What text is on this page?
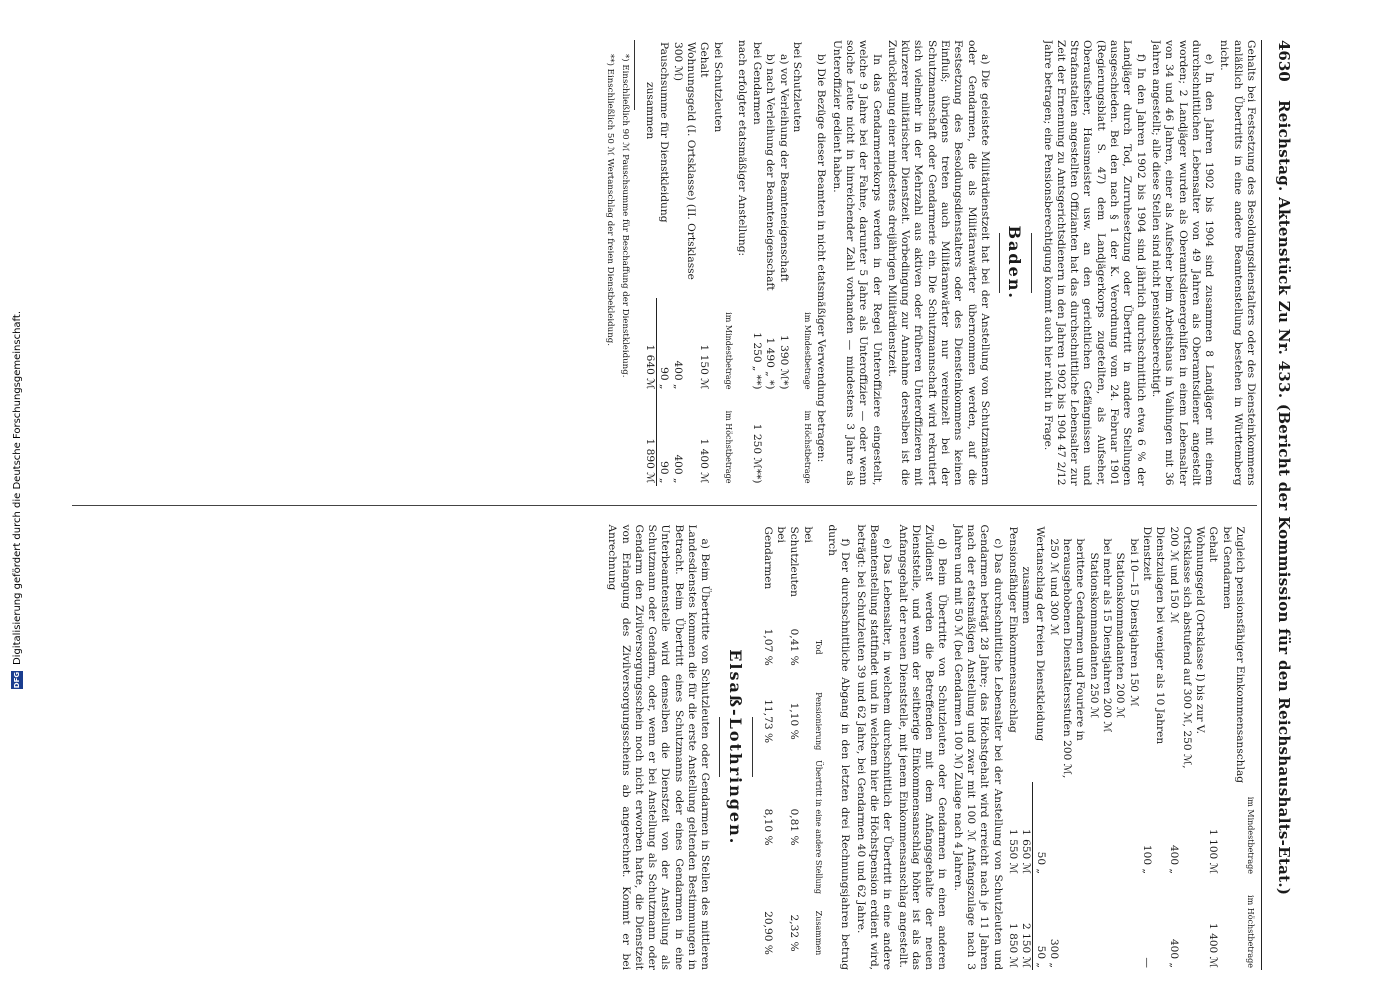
4630
Reichstag. Aktenstück Zu Nr. 433. (Bericht der Kommission für den Reichshaushalts-Etat.)

Gehalts bei Festsetzung des Besoldungsdienstalters oder des Diensteinkommens anläßlich Übertritts in eine andere Beamtenstellung bestehen in Württemberg nicht.

e) In den Jahren 1902 bis 1904 sind zusammen 8 Landjäger mit einem durchschnittlichen Lebensalter von 49 Jahren als Oberamtsdiener angestellt worden; 2 Landjäger wurden als Oberamtsdienergehilfen in einem Lebensalter von 34 und 46 Jahren, einer als Aufseher beim Arbeitshaus in Vaihingen mit 36 Jahren angestellt; alle diese Stellen sind nicht pensionsberechtigt.

f) In den Jahren 1902 bis 1904 sind jährlich durchschnittlich etwa 6 % der Landjäger durch Tod, Zurruhesetzung oder Übertritt in andere Stellungen ausgeschieden. Bei den nach § 1 der K. Verordnung vom 24. Februar 1901 (Regierungsblatt S. 47) dem Landjägerkorps zugeteilten, als Aufseher, Oberaufseher, Hausmeister usw. an den gerichtlichen Gefängnissen und Strafanstalten angestellten Offizianten hat das durchschnittliche Lebensalter zur Zeit der Ernennung zu Amtsgerichtsdienern in den Jahren 1902 bis 1904 47 2/12 Jahre betragen; eine Pensionsberechtigung kommt auch hier nicht in Frage.

Baden.

a) Die geleistete Militärdienstzeit hat bei der Anstellung von Schutzmännern oder Gendarmen, die als Militäranwärter übernommen werden, auf die Festsetzung des Besoldungsdienstalters oder des Diensteinkommens keinen Einfluß; übrigens treten auch Militäranwärter nur vereinzelt bei der Schutzmannschaft oder Gendarmerie ein. Die Schutzmannschaft wird rekrutiert sich vielmehr in der Mehrzahl aus aktiven oder früheren Unteroffizieren mit kürzerer militärischer Dienstzeit. Vorbedingung zur Annahme derselben ist die Zurücklegung einer mindestens dreijährigen Militärdienstzeit.

In das Gendarmeriekorps werden in der Regel Unteroffiziere eingestellt, welche 9 Jahre bei der Fahne, darunter 5 Jahre als Unteroffizier — oder wenn solche Leute nicht in hinreichender Zahl vorhanden — mindestens 3 Jahre als Unteroffizier gedient haben.

b) Die Bezüge dieser Beamten in nicht etatsmäßiger Verwendung betragen:

	im Mindestbetrage	im Höchstbetrage
bei Schutzleuten		
a) vor Verleihung der Beamteneigenschaft	1 390 ℳ*)	
b) nach Verleihung der Beamteneigenschaft	1 490 „ *)	
bei Gendarmen	1 250 „ **)	1 250 ℳ**)

nach erfolgter etatsmäßiger Anstellung:

	im Mindestbetrage	im Höchstbetrage
bei Schutzleuten		
Gehalt	1 150 ℳ	1 400 ℳ
Wohnungsgeld (I. Ortsklasse) (II. Ortsklasse 300 ℳ)	400 „	400 „
Pauschsumme für Dienstkleidung	90 „	90 „
zusammen	1 640 ℳ	1 890 ℳ

*) Einschließlich 90 ℳ Pauschsumme für Beschaffung der Dienstkleidung.

**) Einschließlich 50 ℳ Wertanschlag der freien Dienstbekleidung.

	im Mindestbetrage	im Höchstbetrage
Zugleich pensionsfähiger Einkommensanschlag		
bei Gendarmen		
Gehalt	1 100 ℳ	1 400 ℳ
Wohnungsgeld (Ortsklasse I) bis zur V. Ortsklasse sich abstufend auf 300 ℳ, 250 ℳ, 200 ℳ und 150 ℳ	400 „	400 „
Dienstzulagen bei weniger als 10 Jahren Dienstzeit	100 „	—
bei 10—15 Dienstjahren 150 ℳ		
Stationskommandanten 200 ℳ		
bei mehr als 15 Dienstjahren 200 ℳ		
Stationskommandanten 250 ℳ		
berittene Gendarmen und Fouriere in herausgehobenen Dienstaltersstufen 200 ℳ, 250 ℳ und 300 ℳ		300 „
Wertanschlag der freien Dienstkleidung	50 „	50 „
zusammen	1 650 ℳ	2 150 ℳ
Pensionsfähiger Einkommensanschlag	1 550 ℳ	1 850 ℳ

c) Das durchschnittliche Lebensalter bei der Anstellung von Schutzleuten und Gendarmen beträgt 28 Jahre; das Höchstgehalt wird erreicht nach je 11 Jahren nach der etatsmäßigen Anstellung und zwar mit 100 ℳ Anfangszulage nach 3 Jahren und mit 50 ℳ (bei Gendarmen 100 ℳ) Zulage nach 4 Jahren.

d) Beim Übertritte von Schutzleuten oder Gendarmen in einen anderen Zivildienst werden die Betreffenden mit dem Anfangsgehalte der neuen Dienststelle, und wenn der seitherige Einkommensanschlag höher ist als das Anfangsgehalt der neuen Dienststelle, mit jenem Einkommensanschlag angestellt.

e) Das Lebensalter, in welchem durchschnittlich der Übertritt in eine andere Beamtenstellung stattfindet und in welchem hier die Höchstpension erdient wird, beträgt: bei Schutzleuten 39 und 62 Jahre, bei Gendarmen 40 und 62 Jahre.

f) Der durchschnittliche Abgang in den letzten drei Rechnungsjahren betrug durch

	Tod	Pensionierung	Übertritt in eine andere Stellung	Zusammen
bei Schutzleuten	0,41 %	1,10 %	0,81 %	2,32 %
bei Gendarmen	1,07 %	11,73 %	8,10 %	20,90 %
Elsaß-Lothringen.

a) Beim Übertritte von Schutzleuten oder Gendarmen in Stellen des mittleren Landesdienstes kommen die für die erste Anstellung geltenden Bestimmungen in Betracht. Beim Übertritt eines Schutzmanns oder eines Gendarmen in eine Unterbeamtenstelle wird demselben die Dienstzeit von der Anstellung als Schutzmann oder Gendarm, oder, wenn er bei Anstellung als Schutzmann oder Gendarm den Zivilversorgungsschein noch nicht erworben hatte, die Dienstzeit von Erlangung des Zivilversorgungsscheins ab angerechnet. Kommt er bei Anrechnung

DFG
Digitalisierung gefördert durch die Deutsche Forschungsgemeinschaft.
